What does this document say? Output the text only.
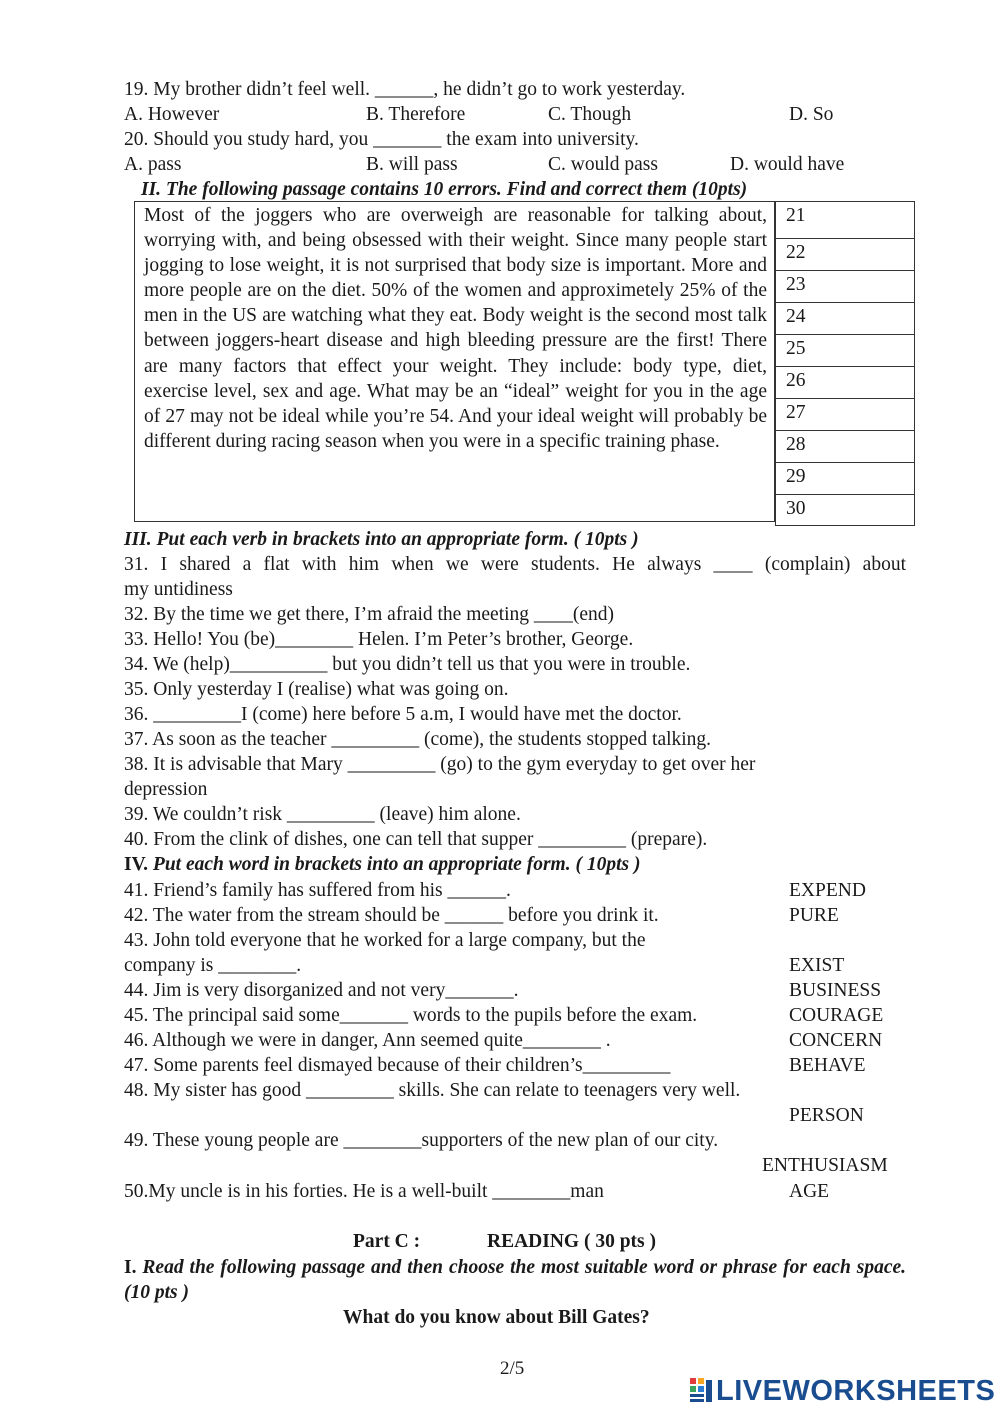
19. My brother didn’t feel well. ______, he didn’t go to work yesterday.
A. However	B. Therefore	C. Though	D. So
20. Should you study hard, you _______ the exam into university.
A. pass	B. will pass	C. would pass	D. would have
II. The following passage contains 10 errors. Find and correct them (10pts)
Most of the joggers who are overweigh are reasonable for talking about, worrying with, and being obsessed with their weight. Since many people start jogging to lose weight, it is not surprised that body size is important. More and more people are on the diet. 50% of the women and approximetely 25% of the men in the US are watching what they eat. Body weight is the second most talk between joggers-heart disease and high bleeding pressure are the first! There are many factors that effect your weight. They include: body type, diet, exercise level, sex and age. What may be an “ideal” weight for you in the age of 27 may not be ideal while you’re 54. And your ideal weight will probably be different during racing season when you were in a specific training phase.
21
22
23
24
25
26
27
28
29
30
III. Put each verb in brackets into an appropriate form. ( 10pts )
31. I shared a flat with him when we were students. He always ____ (complain) about
my untidiness
32. By the time we get there, I’m afraid the meeting ____(end)
33. Hello! You (be)________ Helen. I’m Peter’s brother, George.
34. We (help)__________ but you didn’t tell us that you were in trouble.
35. Only yesterday I (realise) what was going on.
36. _________I (come) here before 5 a.m, I would have met the doctor.
37. As soon as the teacher _________ (come), the students stopped talking.
38. It is advisable that Mary _________ (go) to the gym everyday to get over her
depression
39. We couldn’t risk _________ (leave) him alone.
40. From the clink of dishes, one can tell that supper _________ (prepare).
IV. Put each word in brackets into an appropriate form. ( 10pts )
41. Friend’s family has suffered from his ______.	EXPEND
42. The water from the stream should be ______ before you drink it.	PURE
43. John told everyone that he worked for a large company, but the
company is ________.	EXIST
44. Jim is very disorganized and not very_______.	BUSINESS
45. The principal said some_______ words to the pupils before the exam.	COURAGE
46. Although we were in danger, Ann seemed quite________ .	CONCERN
47. Some parents feel dismayed because of their children’s_________	BEHAVE
48. My sister has good _________ skills. She can relate to teenagers very well.
PERSON
49. These young people are ________supporters of the new plan of our city.
ENTHUSIASM
50.My uncle is in his forties. He is a well-built ________man	AGE
Part C :	READING ( 30 pts )
I. Read the following passage and then choose the most suitable word or phrase for each space. (10 pts )
What do you know about Bill Gates?
2/5
LIVEWORKSHEETS
